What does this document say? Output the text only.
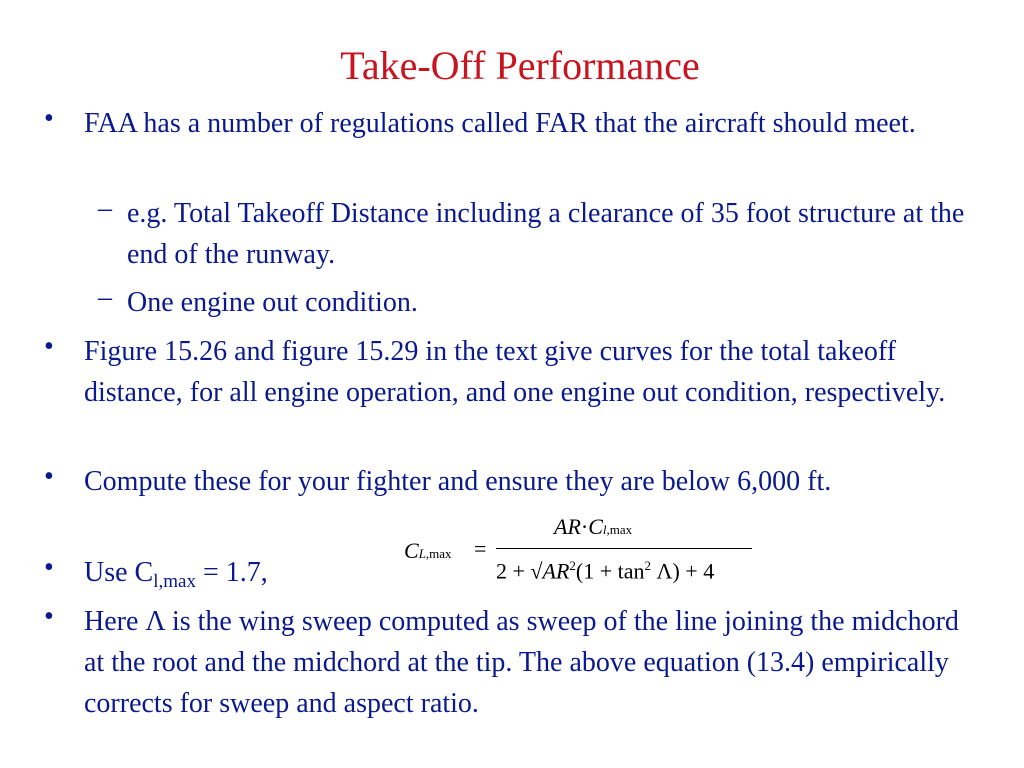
Take-Off Performance
• FAA has a number of regulations called FAR that the aircraft should meet.
– e.g. Total Takeoff Distance including a clearance of 35 foot structure at the end of the runway.
– One engine out condition.
• Figure 15.26 and figure 15.29 in the text give curves for the total takeoff distance, for all engine operation, and one engine out condition, respectively.
• Compute these for your fighter and ensure they are below 6,000 ft.
• Use $C_{l,max} = 1.7$,
• Here Λ is the wing sweep computed as sweep of the line joining the midchord at the root and the midchord at the tip. The above equation (13.4) empirically corrects for sweep and aspect ratio.
CL,max =
AR·Cl,max
$2 + √AR^2(1 + \tan^2 \Lambda) + 4$
